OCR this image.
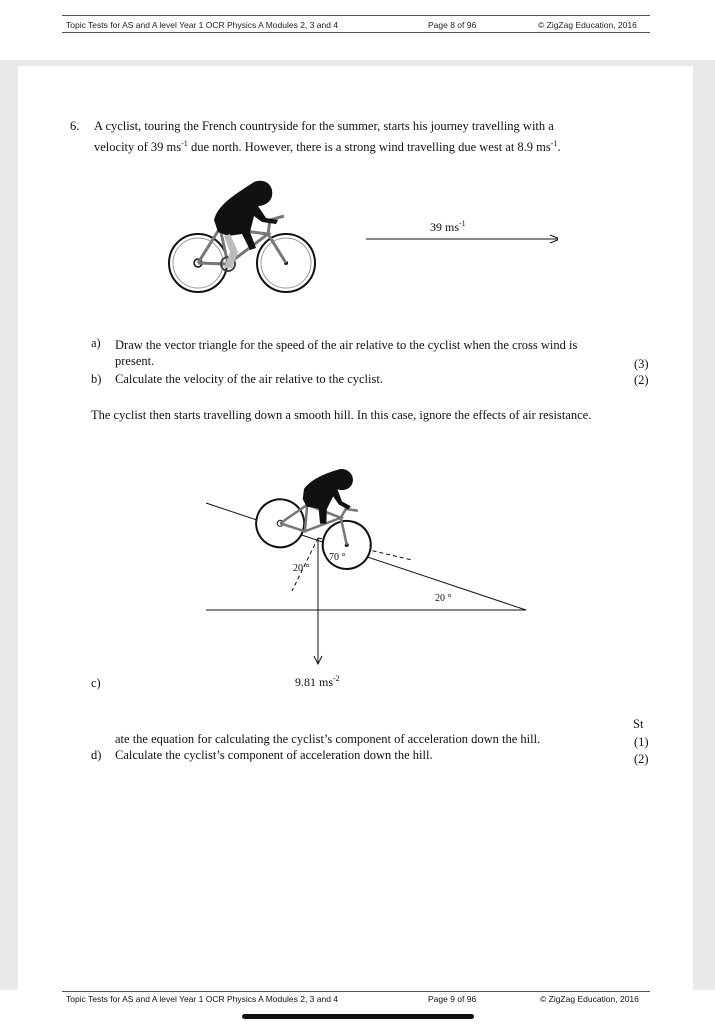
Topic Tests for AS and A level Year 1 OCR Physics A Modules 2, 3 and 4	Page 8 of 96	© ZigZag Education, 2016
6. A cyclist, touring the French countryside for the summer, starts his journey travelling with a
velocity of 39 $ms^{-1}$ due north. However, there is a strong wind travelling due west at 8.9 $ms^{-1}$.
39 $ms^{-1}$
a) Draw the vector triangle for the speed of the air relative to the cyclist when the cross wind is
present.	(3)
b) Calculate the velocity of the air relative to the cyclist.	(2)
The cyclist then starts travelling down a smooth hill. In this case, ignore the effects of air resistance.
70 °
20 °
20 °
9.81 $ms^{-2}$
c)
St
ate the equation for calculating the cyclist’s component of acceleration down the hill.	(1)
d) Calculate the cyclist’s component of acceleration down the hill.	(2)
Topic Tests for AS and A level Year 1 OCR Physics A Modules 2, 3 and 4	Page 9 of 96	© ZigZag Education, 2016
